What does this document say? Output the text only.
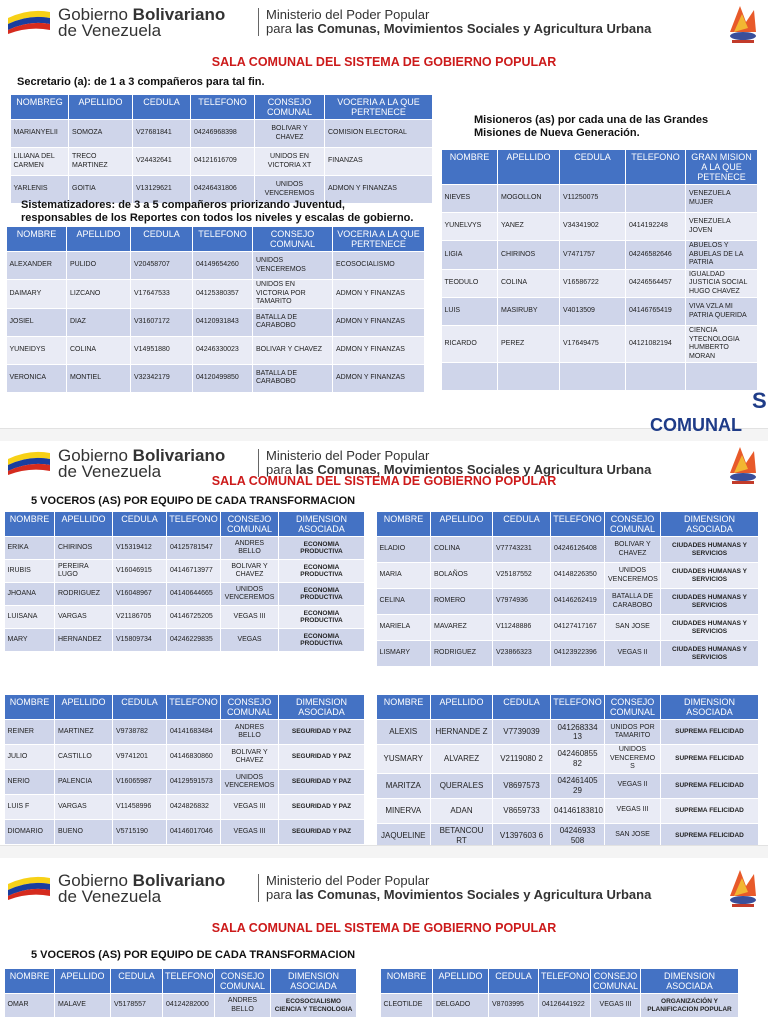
Gobierno Bolivariano
de Venezuela
Ministerio del Poder Popular
para las Comunas, Movimientos Sociales y Agricultura Urbana
SALA COMUNAL DEL SISTEMA DE GOBIERNO POPULAR
Secretario (a): de 1 a 3 compañeros para tal fin.
NOMBREG	APELLIDO	CEDULA	TELEFONO	CONSEJO COMUNAL	VOCERIA A LA QUE PERTENECE
MARIANYELII	SOMOZA	V27681841	04246968398	BOLIVAR Y CHAVEZ	COMISION ELECTORAL
LILIANA DEL CARMEN	TRECO MARTINEZ	V24432641	04121616709	UNIDOS EN VICTORIA XT	FINANZAS
YARLENIS	GOITIA	V13129621	04246431806	UNIDOS VENCEREMOS	ADMON Y FINANZAS
Sistematizadores: de 3 a 5 compañeros priorizando Juventud,
responsables de los Reportes con todos los niveles y escalas de gobierno.
NOMBRE	APELLIDO	CEDULA	TELEFONO	CONSEJO COMUNAL	VOCERIA A LA QUE PERTENECE
ALEXANDER	PULIDO	V20458707	04149654260	UNIDOS VENCEREMOS	ECOSOCIALISMO
DAIMARY	LIZCANO	V17647533	04125380357	UNIDOS EN VICTORIA POR TAMARITO	ADMON Y FINANZAS
JOSIEL	DIAZ	V31607172	04120931843	BATALLA DE CARABOBO	ADMON Y FINANZAS
YUNEIDYS	COLINA	V14951880	04246330023	BOLIVAR Y CHAVEZ	ADMON Y FINANZAS
VERONICA	MONTIEL	V32342179	04120499850	BATALLA DE CARABOBO	ADMON Y FINANZAS
Misioneros (as) por cada una de las Grandes
Misiones de Nueva Generación.
NOMBRE	APELLIDO	CEDULA	TELEFONO	GRAN MISION A LA QUE PETENECE
NIEVES	MOGOLLON	V11250075		VENEZUELA MUJER
YUNELVYS	YANEZ	V34341902	0414192248	VENEZUELA JOVEN
LIGIA	CHIRINOS	V7471757	04246582646	ABUELOS Y ABUELAS DE LA PATRIA
TEODULO	COLINA	V16586722	04246564457	IGUALDAD JUSTICIA SOCIAL HUGO CHAVEZ
LUIS	MASIRUBY	V4013509	04146765419	VIVA VZLA MI PATRIA QUERIDA
RICARDO	PEREZ	V17649475	04121082194	CIENCIA YTECNOLOGIA HUMBERTO MORAN

S
COMUNAL
Gobierno Bolivariano
de Venezuela
Ministerio del Poder Popular
para las Comunas, Movimientos Sociales y Agricultura Urbana
SALA COMUNAL DEL SISTEMA DE GOBIERNO POPULAR
5 VOCEROS (AS) POR EQUIPO DE CADA TRANSFORMACION
NOMBRE	APELLIDO	CEDULA	TELEFONO	CONSEJO COMUNAL	DIMENSION ASOCIADA
ERIKA	CHIRINOS	V15319412	04125781547	ANDRES BELLO	ECONOMIA PRODUCTIVA
IRUBIS	PEREIRA LUGO	V16046915	04146713977	BOLIVAR Y CHAVEZ	ECONOMIA PRODUCTIVA
JHOANA	RODRIGUEZ	V16048967	04140644665	UNIDOS VENCEREMOS	ECONOMIA PRODUCTIVA
LUISANA	VARGAS	V21186705	04146725205	VEGAS III	ECONOMIA PRODUCTIVA
MARY	HERNANDEZ	V15809734	04246229835	VEGAS	ECONOMIA PRODUCTIVA
NOMBRE	APELLIDO	CEDULA	TELEFONO	CONSEJO COMUNAL	DIMENSION ASOCIADA
ELADIO	COLINA	V77743231	04246126408	BOLIVAR Y CHAVEZ	CIUDADES HUMANAS Y SERVICIOS
MARIA	BOLAÑOS	V25187552	04148226350	UNIDOS VENCEREMOS	CIUDADES HUMANAS Y SERVICIOS
CELINA	ROMERO	V7974936	04146262419	BATALLA DE CARABOBO	CIUDADES HUMANAS Y SERVICIOS
MARIELA	MAVAREZ	V11248886	04127417167	SAN JOSE	CIUDADES HUMANAS Y SERVICIOS
LISMARY	RODRIGUEZ	V23866323	04123922396	VEGAS II	CIUDADES HUMANAS Y SERVICIOS
NOMBRE	APELLIDO	CEDULA	TELEFONO	CONSEJO COMUNAL	DIMENSION ASOCIADA
REINER	MARTINEZ	V9738782	04141683484	ANDRES BELLO	SEGURIDAD Y PAZ
JULIO	CASTILLO	V9741201	04146830860	BOLIVAR Y CHAVEZ	SEGURIDAD Y PAZ
NERIO	PALENCIA	V16065987	04129591573	UNIDOS VENCEREMOS	SEGURIDAD Y PAZ
LUIS F	VARGAS	V11458996	0424826832	VEGAS III	SEGURIDAD Y PAZ
DIOMARIO	BUENO	V5715190	04146017046	VEGAS III	SEGURIDAD Y PAZ
NOMBRE	APELLIDO	CEDULA	TELEFONO	CONSEJO COMUNAL	DIMENSION ASOCIADA
ALEXIS	HERNANDE Z	V7739039	041268334 13	UNIDOS POR TAMARITO	SUPREMA FELICIDAD
YUSMARY	ALVAREZ	V2119080 2	042460855 82	UNIDOS VENCEREMO S	SUPREMA FELICIDAD
MARITZA	QUERALES	V8697573	042461405 29	VEGAS II	SUPREMA FELICIDAD
MINERVA	ADAN	V8659733	04146183810	VEGAS III	SUPREMA FELICIDAD
JAQUELINE	BETANCOU RT	V1397603 6	04246933 508	SAN JOSE	SUPREMA FELICIDAD
Gobierno Bolivariano
de Venezuela
Ministerio del Poder Popular
para las Comunas, Movimientos Sociales y Agricultura Urbana
SALA COMUNAL DEL SISTEMA DE GOBIERNO POPULAR
5 VOCEROS (AS) POR EQUIPO DE CADA TRANSFORMACION
NOMBRE	APELLIDO	CEDULA	TELEFONO	CONSEJO COMUNAL	DIMENSION ASOCIADA
OMAR	MALAVE	V5178557	04124282000	ANDRES BELLO	ECOSOCIALISMO CIENCIA Y TECNOLOGIA
NOMBRE	APELLIDO	CEDULA	TELEFONO	CONSEJO COMUNAL	DIMENSION ASOCIADA
CLEOTILDE	DELGADO	V8703995	04126441922	VEGAS III	ORGANIZACIÓN Y PLANIFICACION POPULAR
